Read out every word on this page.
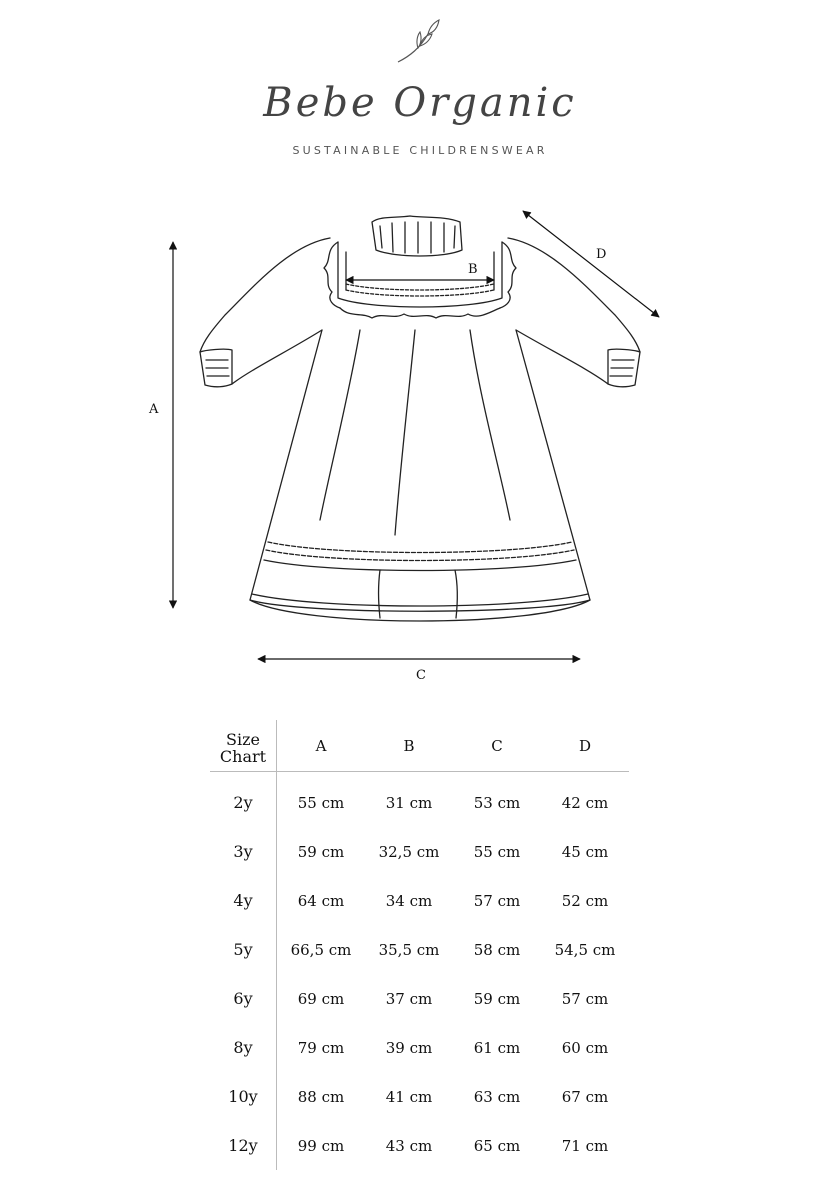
Bebe Organic
SUSTAINABLE CHILDRENSWEAR
A
B
C
D
Size
Chart	A	B	C	D
2y	55 cm	31 cm	53 cm	42 cm
3y	59 cm	32,5 cm	55 cm	45 cm
4y	64 cm	34 cm	57 cm	52 cm
5y	66,5 cm	35,5 cm	58 cm	54,5 cm
6y	69 cm	37 cm	59 cm	57 cm
8y	79 cm	39 cm	61 cm	60 cm
10y	88 cm	41 cm	63 cm	67 cm
12y	99 cm	43 cm	65 cm	71 cm
